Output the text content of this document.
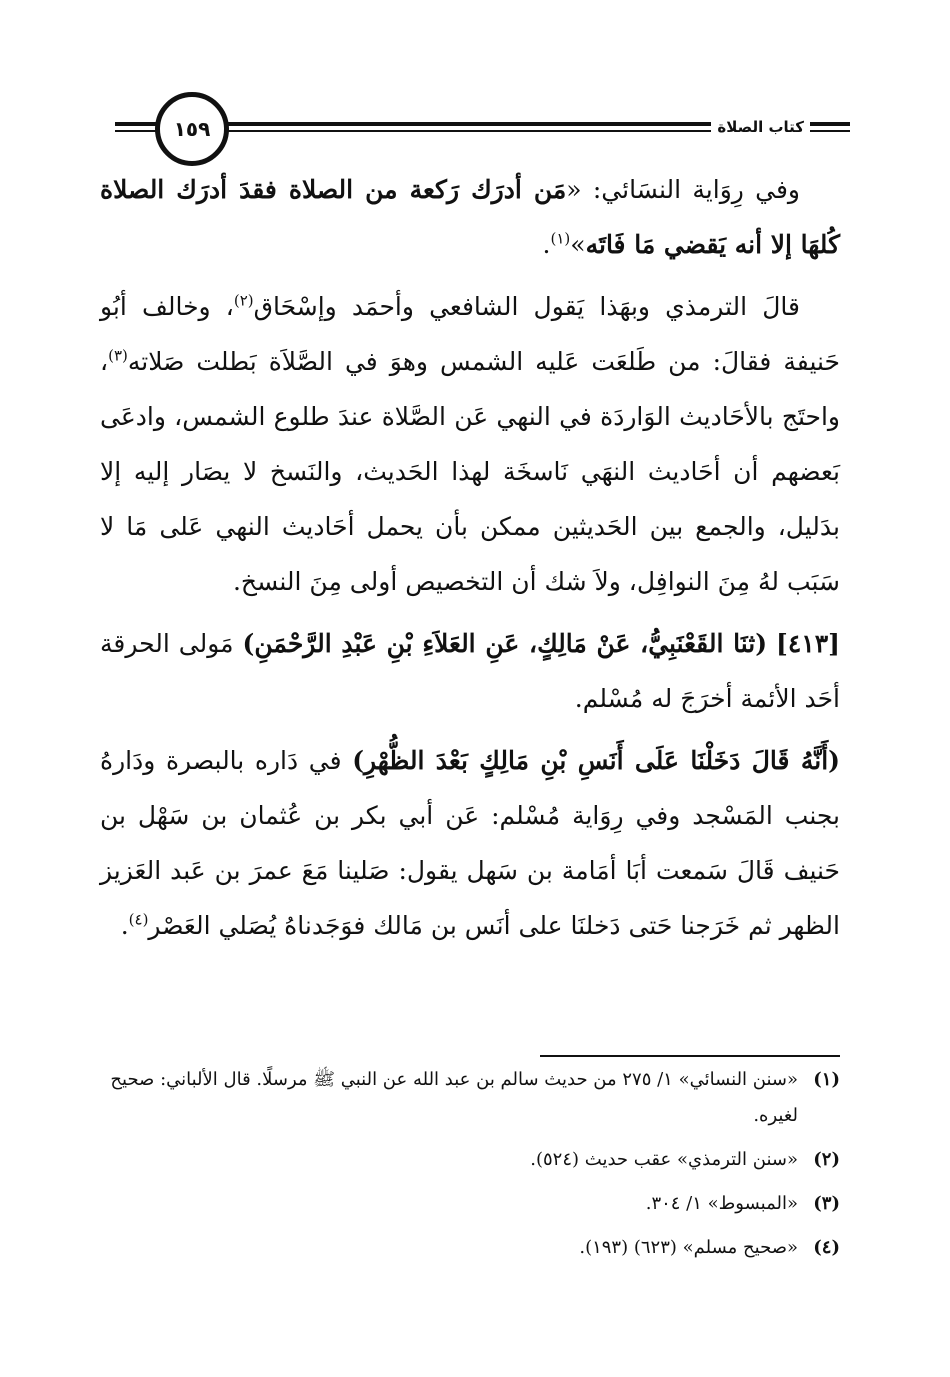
١٥٩	كتاب الصلاة

وفي رِوَاية النسَائي: «مَن أدرَك رَكعة من الصلاة فقدَ أدرَك الصلاة كُلهَا إلا أنه يَقضي مَا فَاتَه»$^{(١)}$.

قالَ الترمذي وبهَذا يَقول الشافعي وأحمَد وإسْحَاق$^{(٢)}$، وخالف أبُو حَنيفة فقالَ: من طَلعَت عَليه الشمس وهوَ في الصَّلاَة بَطلت صَلاته$^{(٣)}$، واحتَج بالأحَاديث الوَاردَة في النهي عَن الصَّلاة عندَ طلوع الشمس، وادعَى بَعضهم أن أحَاديث النهَي نَاسخَة لهذا الحَديث، والنَسخ لا يصَار إليه إلا بدَليل، والجمع بين الحَديثين ممكن بأن يحمل أحَاديث النهي عَلى مَا لا سَبَب لهُ مِنَ النوافِل، ولاَ شك أن التخصيص أولى مِنَ النسخ.

[٤١٣] (ثنَا القَعْنَبِيُّ، عَنْ مَالِكٍ، عَنِ العَلاَءِ بْنِ عَبْدِ الرَّحْمَنِ) مَولى الحرقة أحَد الأئمة أخرَجَ له مُسْلم.

(أَنَّهُ قَالَ دَخَلْنَا عَلَى أَنَسِ بْنِ مَالِكٍ بَعْدَ الظُّهْرِ) في دَاره بالبصرة ودَارهُ بجنب المَسْجد وفي رِوَاية مُسْلم: عَن أبي بكر بن عُثمان بن سَهْل بن حَنيف قَالَ سَمعت أبَا أمَامة بن سَهل يقول: صَلينا مَعَ عمرَ بن عَبد العَزيز الظهر ثم خَرَجنا حَتى دَخلنَا على أنَس بن مَالك فوَجَدناهُ يُصَلي العَصْر$^{(٤)}$.

(١)
«سنن النسائي» ١/ ٢٧٥ من حديث سالم بن عبد الله عن النبي ﷺ مرسلًا. قال الألباني: صحيح لغيره.
(٢)
«سنن الترمذي» عقب حديث (٥٢٤).
(٣)
«المبسوط» ١/ ٣٠٤.
(٤)
«صحيح مسلم» (٦٢٣) (١٩٣).
